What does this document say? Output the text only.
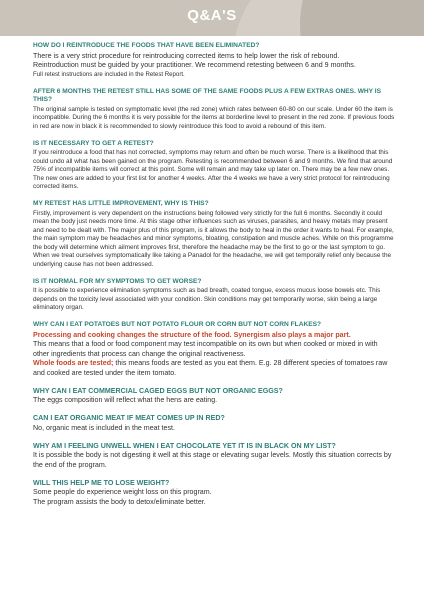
Q&A'S
HOW DO I REINTRODUCE THE FOODS THAT HAVE BEEN ELIMINATED?

There is a very strict procedure for reintroducing corrected items to help lower the risk of rebound.

Reintroduction must be guided by your practitioner. We recommend retesting between 6 and 9 months.

Full retest instructions are included in the Retest Report.

AFTER 6 MONTHS THE RETEST STILL HAS SOME OF THE SAME FOODS PLUS A FEW EXTRAS ONES. WHY IS THIS?

The original sample is tested on symptomatic level (the red zone) which rates between 60-80 on our scale. Under 60 the item is incompatible. During the 6 months it is very possible for the items at borderline level to present in the red zone. If previous foods in red are now in black it is recommended to slowly reintroduce this food to avoid a rebound of this item.

IS IT NECESSARY TO GET A RETEST?

If you reintroduce a food that has not corrected, symptoms may return and often be much worse. There is a likelihood that this could undo all what has been gained on the program. Retesting is recommended between 6 and 9 months. We find that around 75% of incompatible items will correct at this point. Some will remain and may take up later on. There may be a few new ones. The new ones are added to your first list for another 4 weeks. After the 4 weeks we have a very strict protocol for reintroducing corrected items.

MY RETEST HAS LITTLE IMPROVEMENT, WHY IS THIS?

Firstly, improvement is very dependent on the instructions being followed very strictly for the full 6 months. Secondly it could mean the body just needs more time. At this stage other influences such as viruses, parasites, and heavy metals may present and need to be dealt with. The major plus of this program, is it allows the body to heal in the order it wants to heal. For example, the main symptom may be headaches and minor symptoms, bloating, constipation and muscle aches. While on this programme the body will determine which ailment improves first, therefore the headache may be the first to go or the last symptom to go. When we treat ourselves symptomatically like taking a Panadol for the headache, we will get temporally relief only because the underlying cause has not been addressed.

IS IT NORMAL FOR MY SYMPTOMS TO GET WORSE?

It is possible to experience elimination symptoms such as bad breath, coated tongue, excess mucus loose bowels etc. This depends on the toxicity level associated with your condition. Skin conditions may get temporarily worse, skin being a large eliminatory organ.

WHY CAN I EAT POTATOES BUT NOT POTATO FLOUR OR CORN BUT NOT CORN FLAKES?

Processing and cooking changes the structure of the food. Synergism also plays a major part.

This means that a food or food component may test incompatible on its own but when cooked or mixed in with other ingredients that process can change the original reactiveness.

Whole foods are tested; this means foods are tested as you eat them. E.g. 28 different species of tomatoes raw and cooked are tested under the item tomato.

WHY CAN I EAT COMMERCIAL CAGED EGGS BUT NOT ORGANIC EGGS?

The eggs composition will reflect what the hens are eating.

CAN I EAT ORGANIC MEAT IF MEAT COMES UP IN RED?

No, organic meat is included in the meat test.

WHY AM I FEELING UNWELL WHEN I EAT CHOCOLATE YET IT IS IN BLACK ON MY LIST?

It is possible the body is not digesting it well at this stage or elevating sugar levels. Mostly this situation corrects by the end of the program.

WILL THIS HELP ME TO LOSE WEIGHT?

Some people do experience weight loss on this program.

The program assists the body to detox/eliminate better.
